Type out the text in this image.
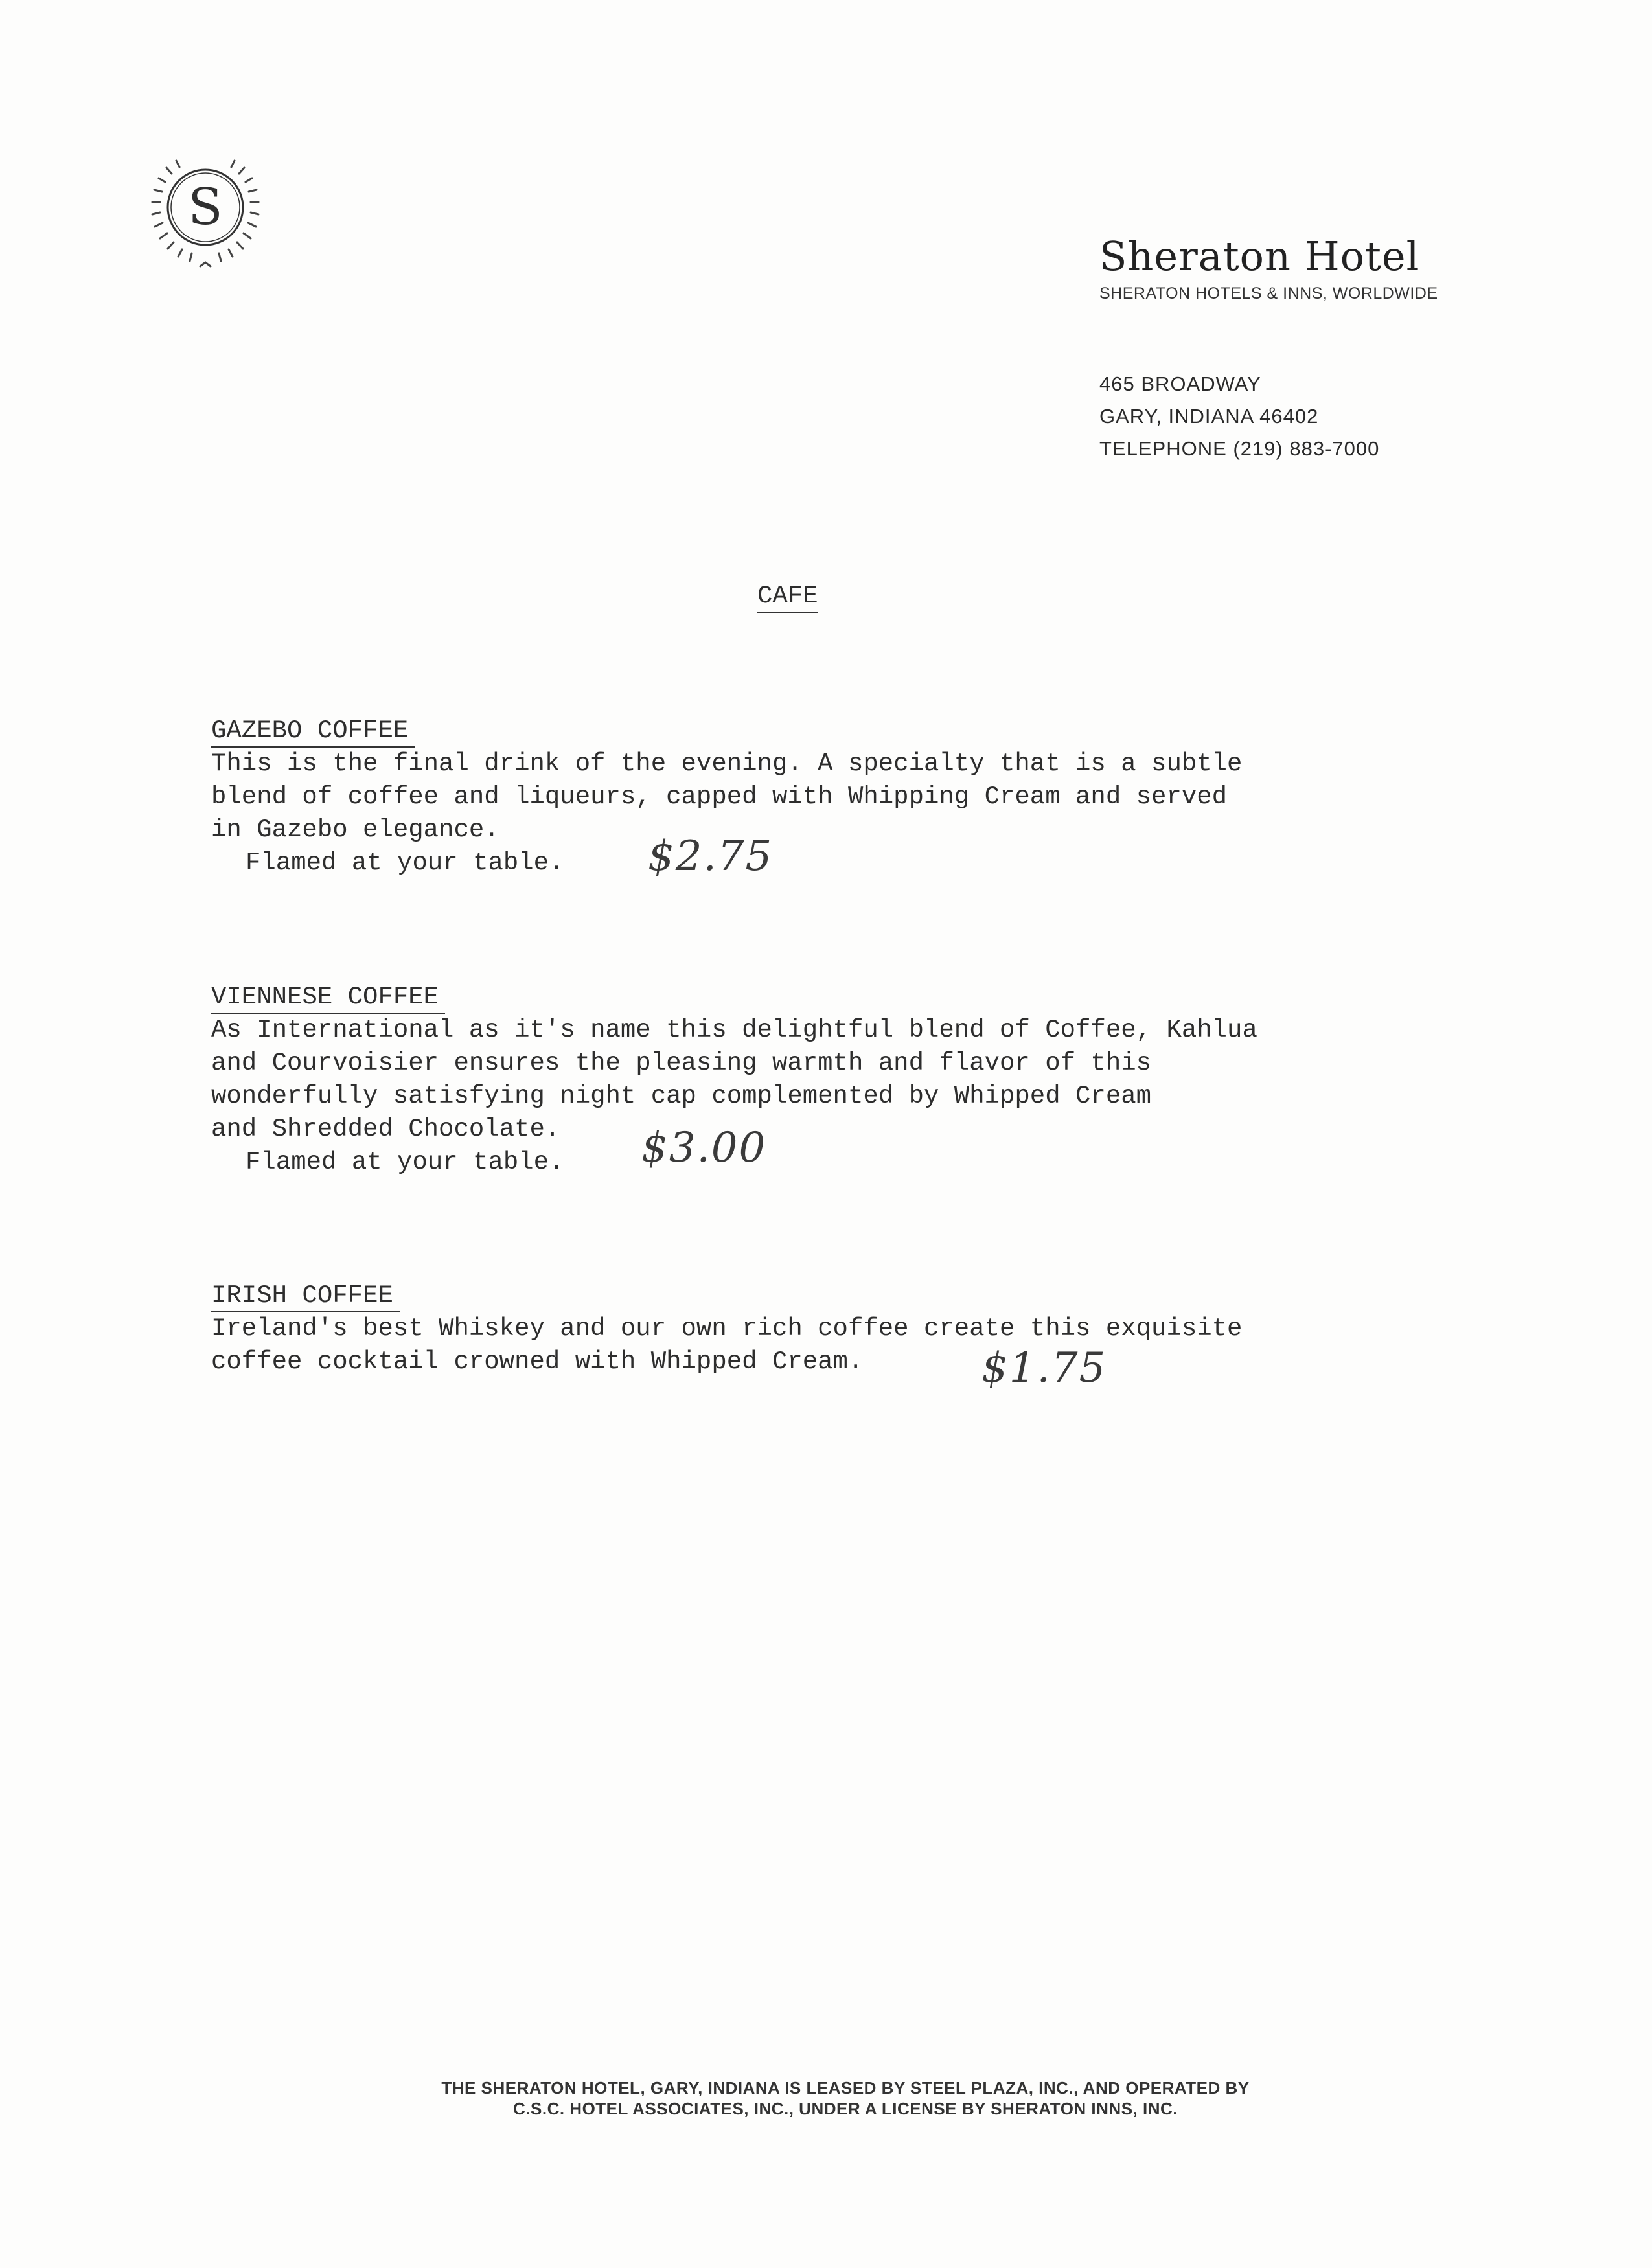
S
Sheraton Hotel
SHERATON HOTELS & INNS, WORLDWIDE
465 BROADWAY
GARY, INDIANA 46402
TELEPHONE (219) 883-7000
CAFE
GAZEBO COFFEE
This is the final drink of the evening. A specialty that is a subtle
blend of coffee and liqueurs, capped with Whipping Cream and served
in Gazebo elegance.
Flamed at your table.	$2.75
VIENNESE COFFEE
As International as it's name this delightful blend of Coffee, Kahlua
and Courvoisier ensures the pleasing warmth and flavor of this
wonderfully satisfying night cap complemented by Whipped Cream
and Shredded Chocolate.
Flamed at your table.	$3.00
IRISH COFFEE
Ireland's best Whiskey and our own rich coffee create this exquisite
coffee cocktail crowned with Whipped Cream.	$1.75
THE SHERATON HOTEL, GARY, INDIANA IS LEASED BY STEEL PLAZA, INC., AND OPERATED BY
C.S.C. HOTEL ASSOCIATES, INC., UNDER A LICENSE BY SHERATON INNS, INC.
